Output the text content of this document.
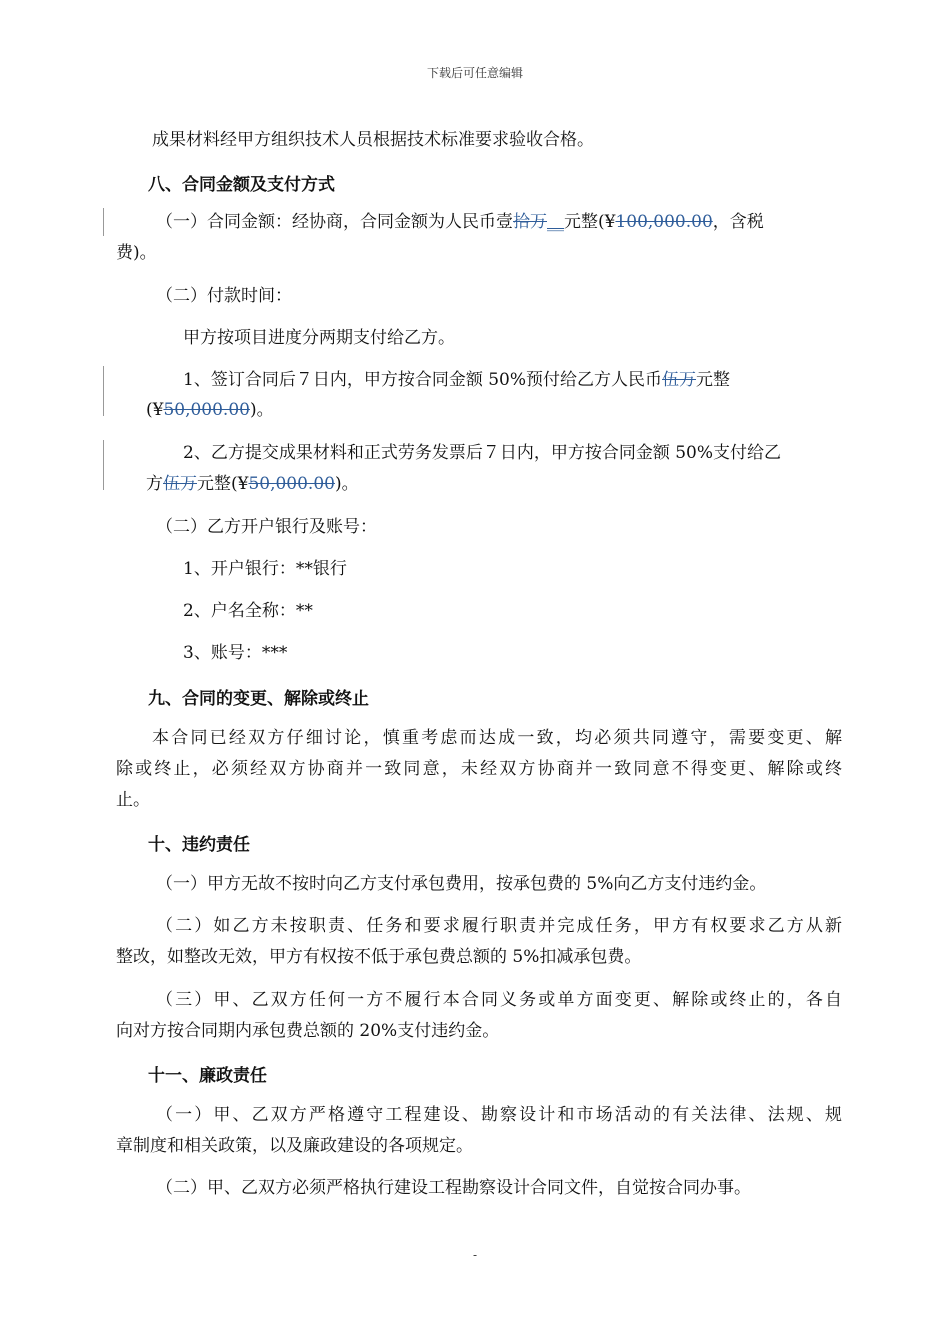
下载后可任意编辑
成果材料经甲方组织技术人员根据技术标准要求验收合格。
八、合同金额及支付方式
（一）合同金额：经协商，合同金额为人民币壹拾万__元整(¥100,000.00，含税
费)。
（二）付款时间：
甲方按项目进度分两期支付给乙方。
1、签订合同后７日内，甲方按合同金额 50%预付给乙方人民币伍万元整
(¥50,000.00)。
2、乙方提交成果材料和正式劳务发票后７日内，甲方按合同金额 50%支付给乙
方伍万元整(¥50,000.00)。
（二）乙方开户银行及账号：
1、开户银行：**银行
2、户名全称：**
3、账号：***
九、合同的变更、解除或终止
本合同已经双方仔细讨论，慎重考虑而达成一致，均必须共同遵守，需要变更、解
除或终止，必须经双方协商并一致同意，未经双方协商并一致同意不得变更、解除或终
止。
十、违约责任
（一）甲方无故不按时向乙方支付承包费用，按承包费的 5%向乙方支付违约金。
（二）如乙方未按职责、任务和要求履行职责并完成任务，甲方有权要求乙方从新
整改，如整改无效，甲方有权按不低于承包费总额的 5%扣减承包费。
（三）甲、乙双方任何一方不履行本合同义务或单方面变更、解除或终止的，各自
向对方按合同期内承包费总额的 20%支付违约金。
十一、廉政责任
（一）甲、乙双方严格遵守工程建设、勘察设计和市场活动的有关法律、法规、规
章制度和相关政策，以及廉政建设的各项规定。
（二）甲、乙双方必须严格执行建设工程勘察设计合同文件，自觉按合同办事。
-
